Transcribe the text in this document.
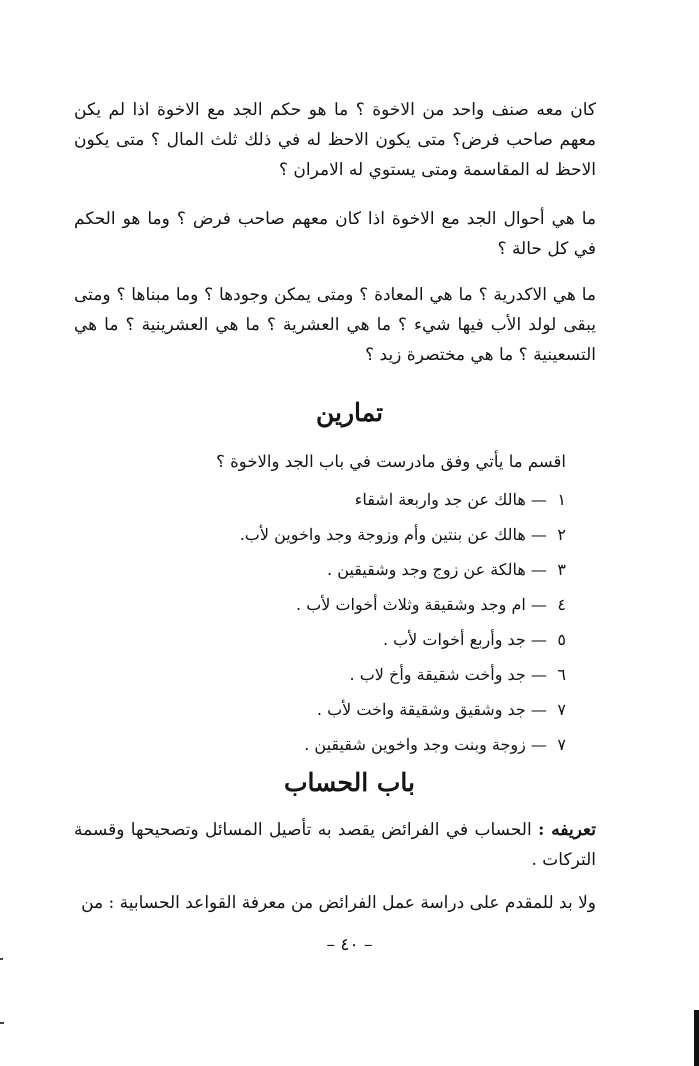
كان معه صنف واحد من الاخوة ؟ ما هو حكم الجد مع الاخوة اذا لم يكن معهم صاحب فرض؟ متى يكون الاحظ له في ذلك ثلث المال ؟ متى يكون الاحظ له المقاسمة ومتى يستوي له الامران ؟

ما هي أحوال الجد مع الاخوة اذا كان معهم صاحب فرض ؟ وما هو الحكم في كل حالة ؟

ما هي الاكدرية ؟ ما هي المعادة ؟ ومتى يمكن وجودها ؟ وما مبناها ؟ ومتى يبقى لولد الأب فيها شيء ؟ ما هي العشرية ؟ ما هي العشرينية ؟ ما هي التسعينية ؟ ما هي مختصرة زيد ؟

تمارين

اقسم ما يأتي وفق مادرست في باب الجد والاخوة ؟

١ — هالك عن جد واربعة اشقاء
٢ — هالك عن بنتين وأم وزوجة وجد واخوين لأب.
٣ — هالكة عن زوج وجد وشقيقين .
٤ — ام وجد وشقيقة وثلاث أخوات لأب .
٥ — جد وأربع أخوات لأب .
٦ — جد وأخت شقيقة وأخ لاب .
٧ — جد وشقيق وشقيقة واخت لأب .
٧ — زوجة وبنت وجد واخوين شقيقين .
باب الحساب

تعريفه : الحساب في الفرائض يقصد به تأصيل المسائل وتصحيحها وقسمة التركات .

ولا بد للمقدم على دراسة عمل الفرائض من معرفة القواعد الحسابية : من

– ٤٠ –
